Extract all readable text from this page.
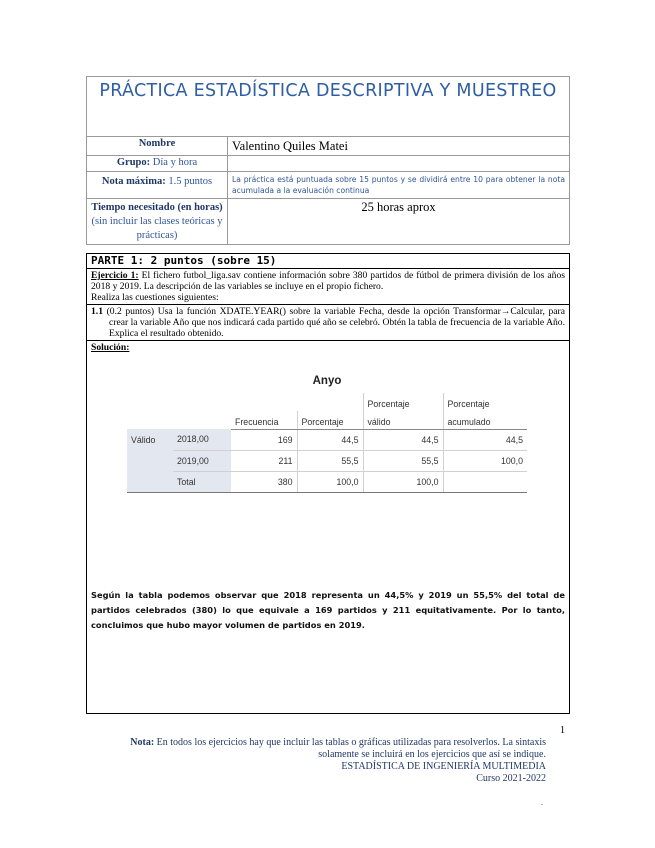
PRÁCTICA ESTADÍSTICA DESCRIPTIVA Y MUESTREO	

Nombre	Valentino Quiles Matei
Grupo: Día y hora	
Nota máxima: 1.5 puntos	La práctica está puntuada sobre 15 puntos y se dividirá entre 10 para obtener la nota acumulada a la evaluación continua
Tiempo necesitado (en horas) (sin incluir las clases teóricas y prácticas)	25 horas aprox
PARTE 1: 2 puntos (sobre 15)
Ejercicio 1: El fichero futbol_liga.sav contiene información sobre 380 partidos de fútbol de primera división de los años 2018 y 2019. La descripción de las variables se incluye en el propio fichero.
Realiza las cuestiones siguientes:
1.1 (0.2 puntos) Usa la función XDATE.YEAR() sobre la variable Fecha, desde la opción Transformar→Calcular, para crear la variable Año que nos indicará cada partido qué año se celebró. Obtén la tabla de frecuencia de la variable Año. Explica el resultado obtenido.
Solución:
Anyo
				Porcentaje	Porcentaje
		Frecuencia	Porcentaje	válido	acumulado
Válido	2018,00	169	44,5	44,5	44,5
	2019,00	211	55,5	55,5	100,0
	Total	380	100,0	100,0	
Según la tabla podemos observar que 2018 representa un 44,5% y 2019 un 55,5% del total de partidos celebrados (380) lo que equivale a 169 partidos y 211 equitativamente. Por lo tanto, concluimos que hubo mayor volumen de partidos en 2019.
1
Nota: En todos los ejercicios hay que incluir las tablas o gráficas utilizadas para resolverlos. La sintaxis solamente se incluirá en los ejercicios que así se indique.
ESTADÍSTICA DE INGENIERÍA MULTIMEDIA
Curso 2021-2022
.
